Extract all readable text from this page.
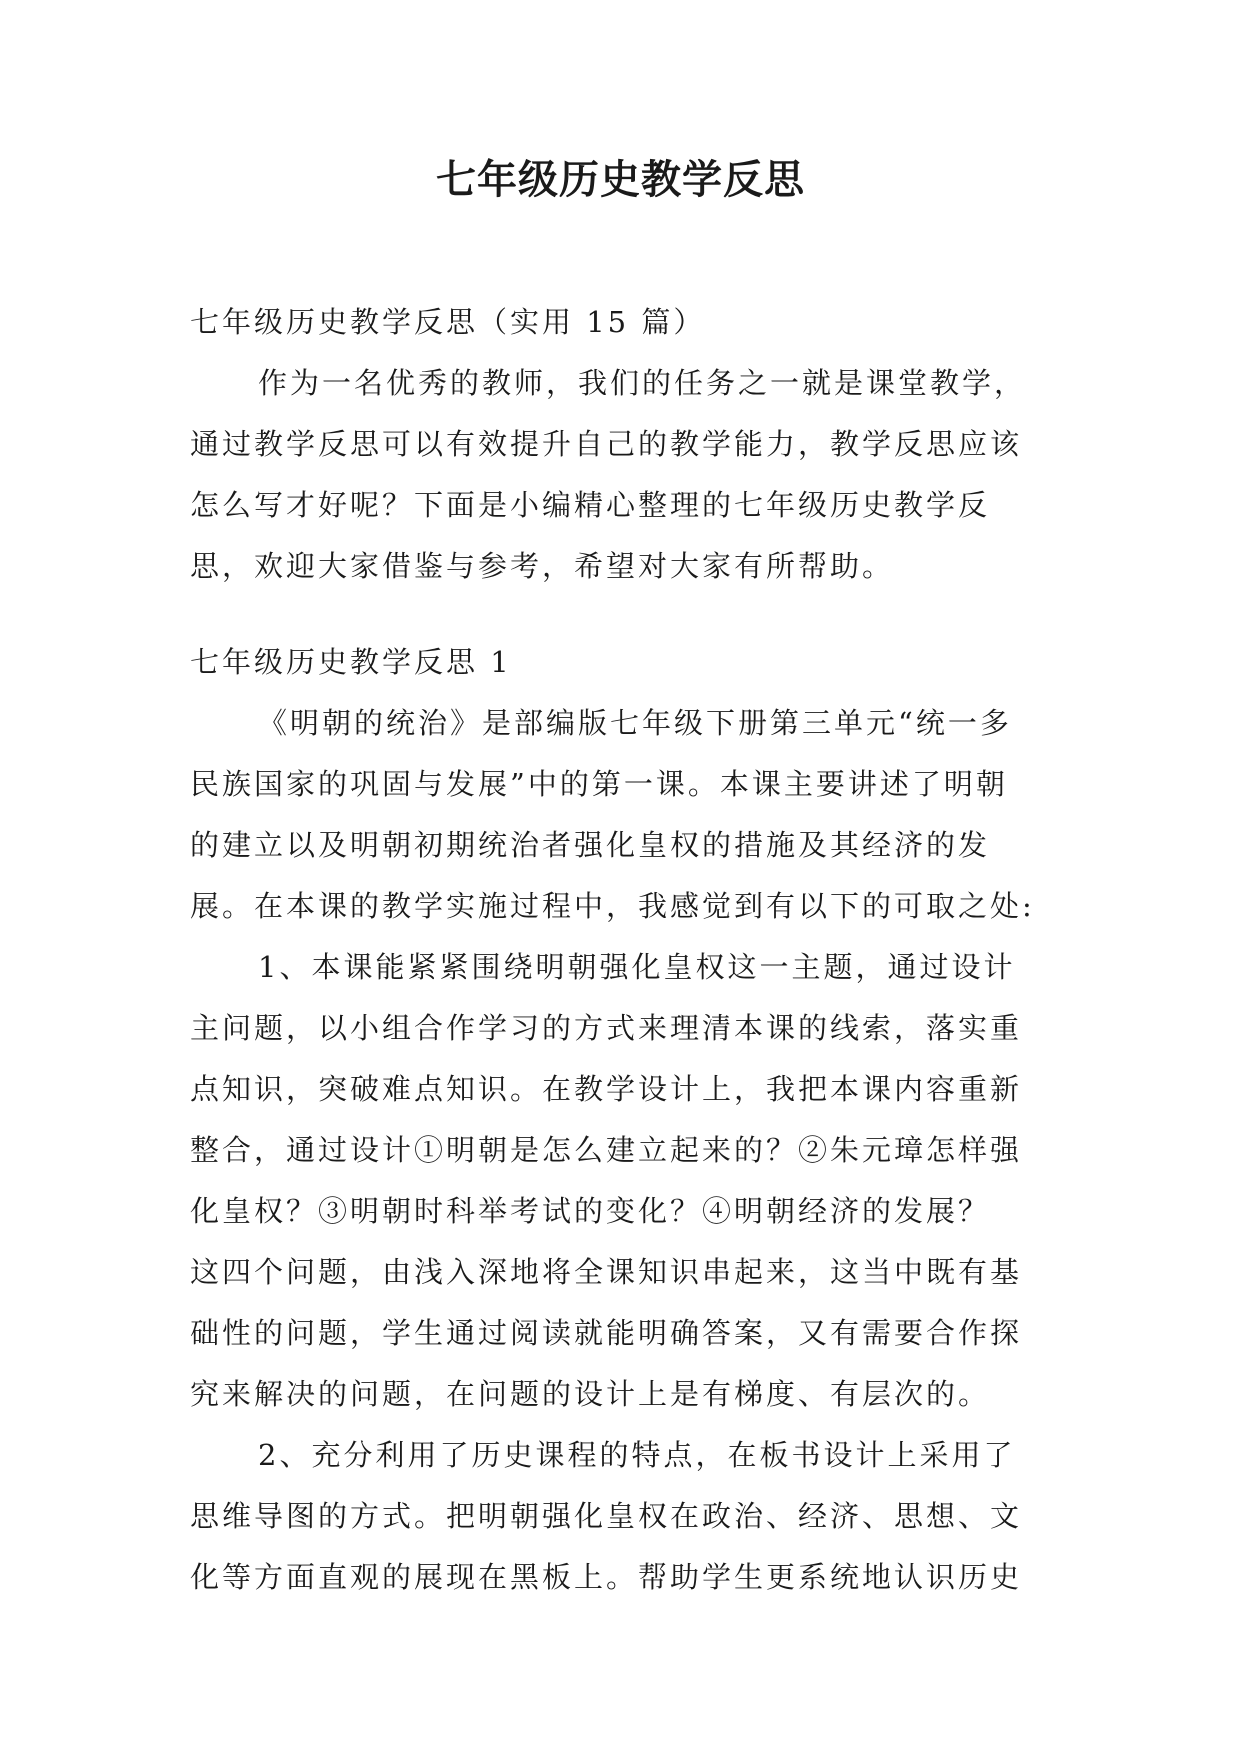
七年级历史教学反思
七年级历史教学反思（实用 15 篇）
作为一名优秀的教师，我们的任务之一就是课堂教学，
通过教学反思可以有效提升自己的教学能力，教学反思应该
怎么写才好呢？下面是小编精心整理的七年级历史教学反
思，欢迎大家借鉴与参考，希望对大家有所帮助。
七年级历史教学反思 1
《明朝的统治》是部编版七年级下册第三单元“统一多
民族国家的巩固与发展”中的第一课。本课主要讲述了明朝
的建立以及明朝初期统治者强化皇权的措施及其经济的发
展。在本课的教学实施过程中，我感觉到有以下的可取之处:
1、本课能紧紧围绕明朝强化皇权这一主题，通过设计
主问题，以小组合作学习的方式来理清本课的线索，落实重
点知识，突破难点知识。在教学设计上，我把本课内容重新
整合，通过设计①明朝是怎么建立起来的？②朱元璋怎样强
化皇权？③明朝时科举考试的变化？④明朝经济的发展？
这四个问题，由浅入深地将全课知识串起来，这当中既有基
础性的问题，学生通过阅读就能明确答案，又有需要合作探
究来解决的问题，在问题的设计上是有梯度、有层次的。
2、充分利用了历史课程的特点，在板书设计上采用了
思维导图的方式。把明朝强化皇权在政治、经济、思想、文
化等方面直观的展现在黑板上。帮助学生更系统地认识历史
